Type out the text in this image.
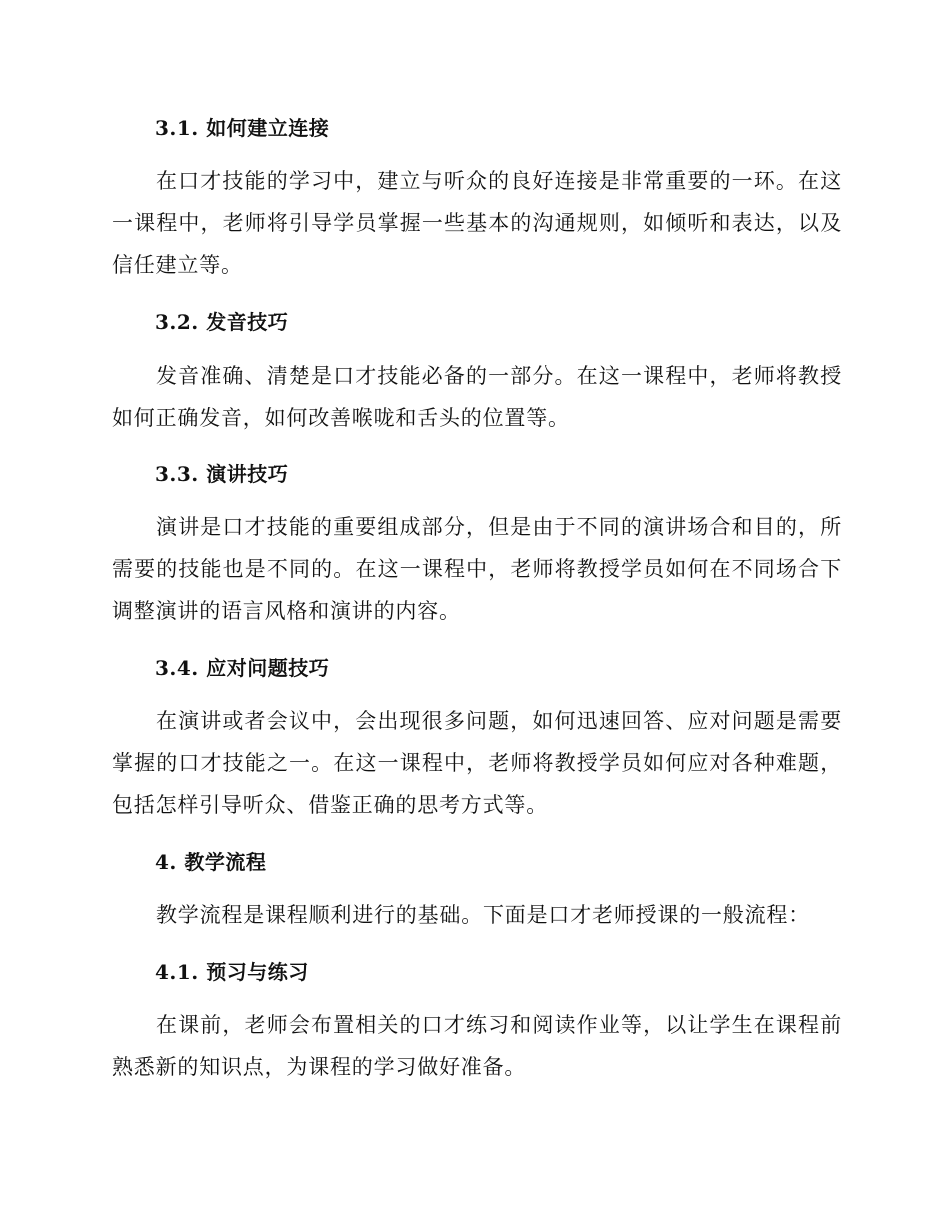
3.1. 如何建立连接
在口才技能的学习中，建立与听众的良好连接是非常重要的一环。在这一课程中，老师将引导学员掌握一些基本的沟通规则，如倾听和表达，以及信任建立等。
3.2. 发音技巧
发音准确、清楚是口才技能必备的一部分。在这一课程中，老师将教授如何正确发音，如何改善喉咙和舌头的位置等。
3.3. 演讲技巧
演讲是口才技能的重要组成部分，但是由于不同的演讲场合和目的，所需要的技能也是不同的。在这一课程中，老师将教授学员如何在不同场合下调整演讲的语言风格和演讲的内容。
3.4. 应对问题技巧
在演讲或者会议中，会出现很多问题，如何迅速回答、应对问题是需要掌握的口才技能之一。在这一课程中，老师将教授学员如何应对各种难题，包括怎样引导听众、借鉴正确的思考方式等。
4. 教学流程
教学流程是课程顺利进行的基础。下面是口才老师授课的一般流程：
4.1. 预习与练习
在课前，老师会布置相关的口才练习和阅读作业等，以让学生在课程前熟悉新的知识点，为课程的学习做好准备。
